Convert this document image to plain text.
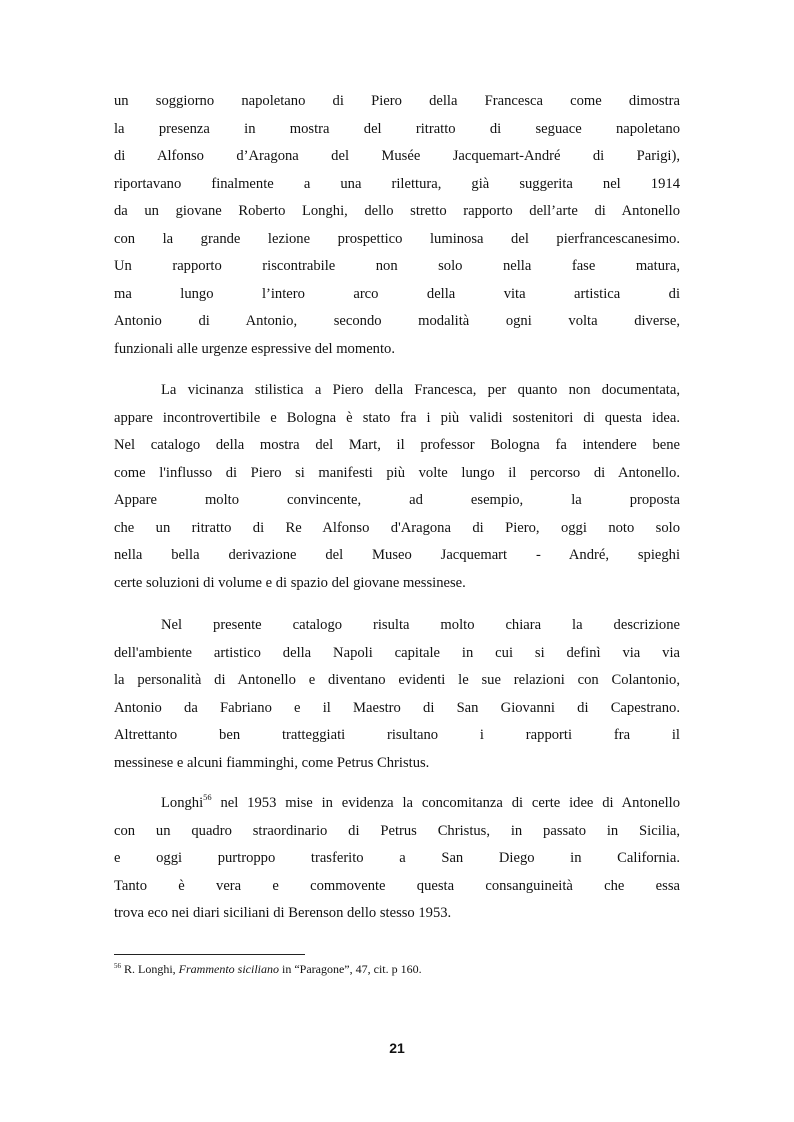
un soggiorno napoletano di Piero della Francesca come dimostra
la presenza in mostra del ritratto di seguace napoletano
di Alfonso d’Aragona del Musée Jacquemart-André di Parigi),
riportavano finalmente a una rilettura, già suggerita nel 1914
da un giovane Roberto Longhi, dello stretto rapporto dell’arte di Antonello
con la grande lezione prospettico luminosa del pierfrancescanesimo.
Un rapporto riscontrabile non solo nella fase matura,
ma lungo l’intero arco della vita artistica di
Antonio di Antonio, secondo modalità ogni volta diverse,
funzionali alle urgenze espressive del momento.
La vicinanza stilistica a Piero della Francesca, per quanto non documentata,
appare incontrovertibile e Bologna è stato fra i più validi sostenitori di questa idea.
Nel catalogo della mostra del Mart, il professor Bologna fa intendere bene
come l'influsso di Piero si manifesti più volte lungo il percorso di Antonello.
Appare molto convincente, ad esempio, la proposta
che un ritratto di Re Alfonso d'Aragona di Piero, oggi noto solo
nella bella derivazione del Museo Jacquemart - André, spieghi
certe soluzioni di volume e di spazio del giovane messinese.
Nel presente catalogo risulta molto chiara la descrizione
dell'ambiente artistico della Napoli capitale in cui si definì via via
la personalità di Antonello e diventano evidenti le sue relazioni con Colantonio,
Antonio da Fabriano e il Maestro di San Giovanni di Capestrano.
Altrettanto ben tratteggiati risultano i rapporti fra il
messinese e alcuni fiamminghi, come Petrus Christus.
Longhi$^{56}$ nel 1953 mise in evidenza la concomitanza di certe idee di Antonello
con un quadro straordinario di Petrus Christus, in passato in Sicilia,
e oggi purtroppo trasferito a San Diego in California.
Tanto è vera e commovente questa consanguineità che essa
trova eco nei diari siciliani di Berenson dello stesso 1953.
$^{56}$ R. Longhi, Frammento siciliano in “Paragone”, 47, cit. p 160.
21
